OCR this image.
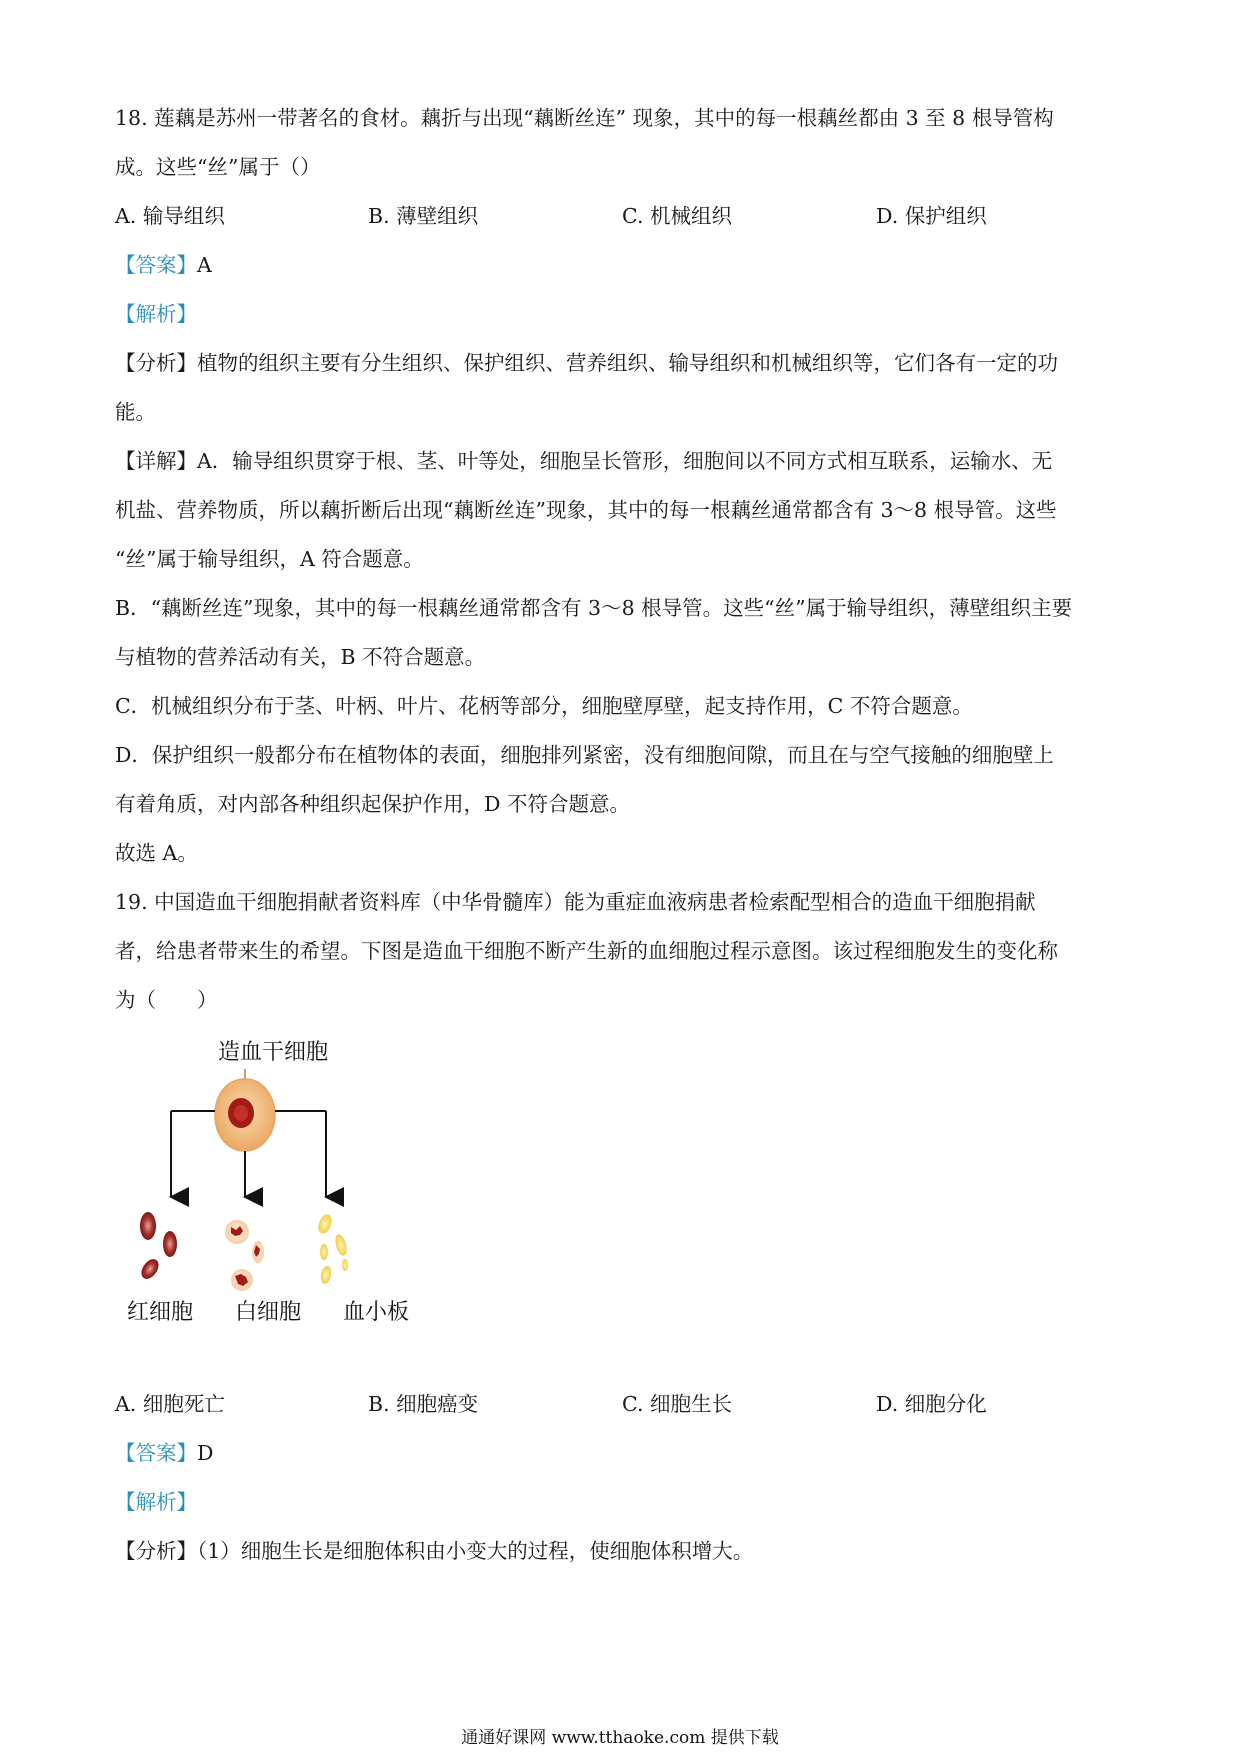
18. 莲藕是苏州一带著名的食材。藕折与出现“藕断丝连” 现象，其中的每一根藕丝都由 3 至 8 根导管构
成。这些“丝”属于（）
A. 输导组织	B. 薄壁组织	C. 机械组织	D. 保护组织
【答案】A
【解析】
【分析】植物的组织主要有分生组织、保护组织、营养组织、输导组织和机械组织等，它们各有一定的功
能。
【详解】A．输导组织贯穿于根、茎、叶等处，细胞呈长管形，细胞间以不同方式相互联系，运输水、无
机盐、营养物质，所以藕折断后出现“藕断丝连”现象，其中的每一根藕丝通常都含有 3～8 根导管。这些
“丝”属于输导组织，A 符合题意。
B．“藕断丝连”现象，其中的每一根藕丝通常都含有 3～8 根导管。这些“丝”属于输导组织，薄壁组织主要
与植物的营养活动有关，B 不符合题意。
C．机械组织分布于茎、叶柄、叶片、花柄等部分，细胞壁厚壁，起支持作用，C 不符合题意。
D．保护组织一般都分布在植物体的表面，细胞排列紧密，没有细胞间隙，而且在与空气接触的细胞壁上
有着角质，对内部各种组织起保护作用，D 不符合题意。
故选 A。
19. 中国造血干细胞捐献者资料库（中华骨髓库）能为重症血液病患者检索配型相合的造血干细胞捐献
者，给患者带来生的希望。下图是造血干细胞不断产生新的血细胞过程示意图。该过程细胞发生的变化称
为（　　）
造血干细胞
红细胞 白细胞 血小板
A. 细胞死亡	B. 细胞癌变	C. 细胞生长	D. 细胞分化
【答案】D
【解析】
【分析】（1）细胞生长是细胞体积由小变大的过程，使细胞体积增大。
通通好课网 www.tthaoke.com 提供下载
